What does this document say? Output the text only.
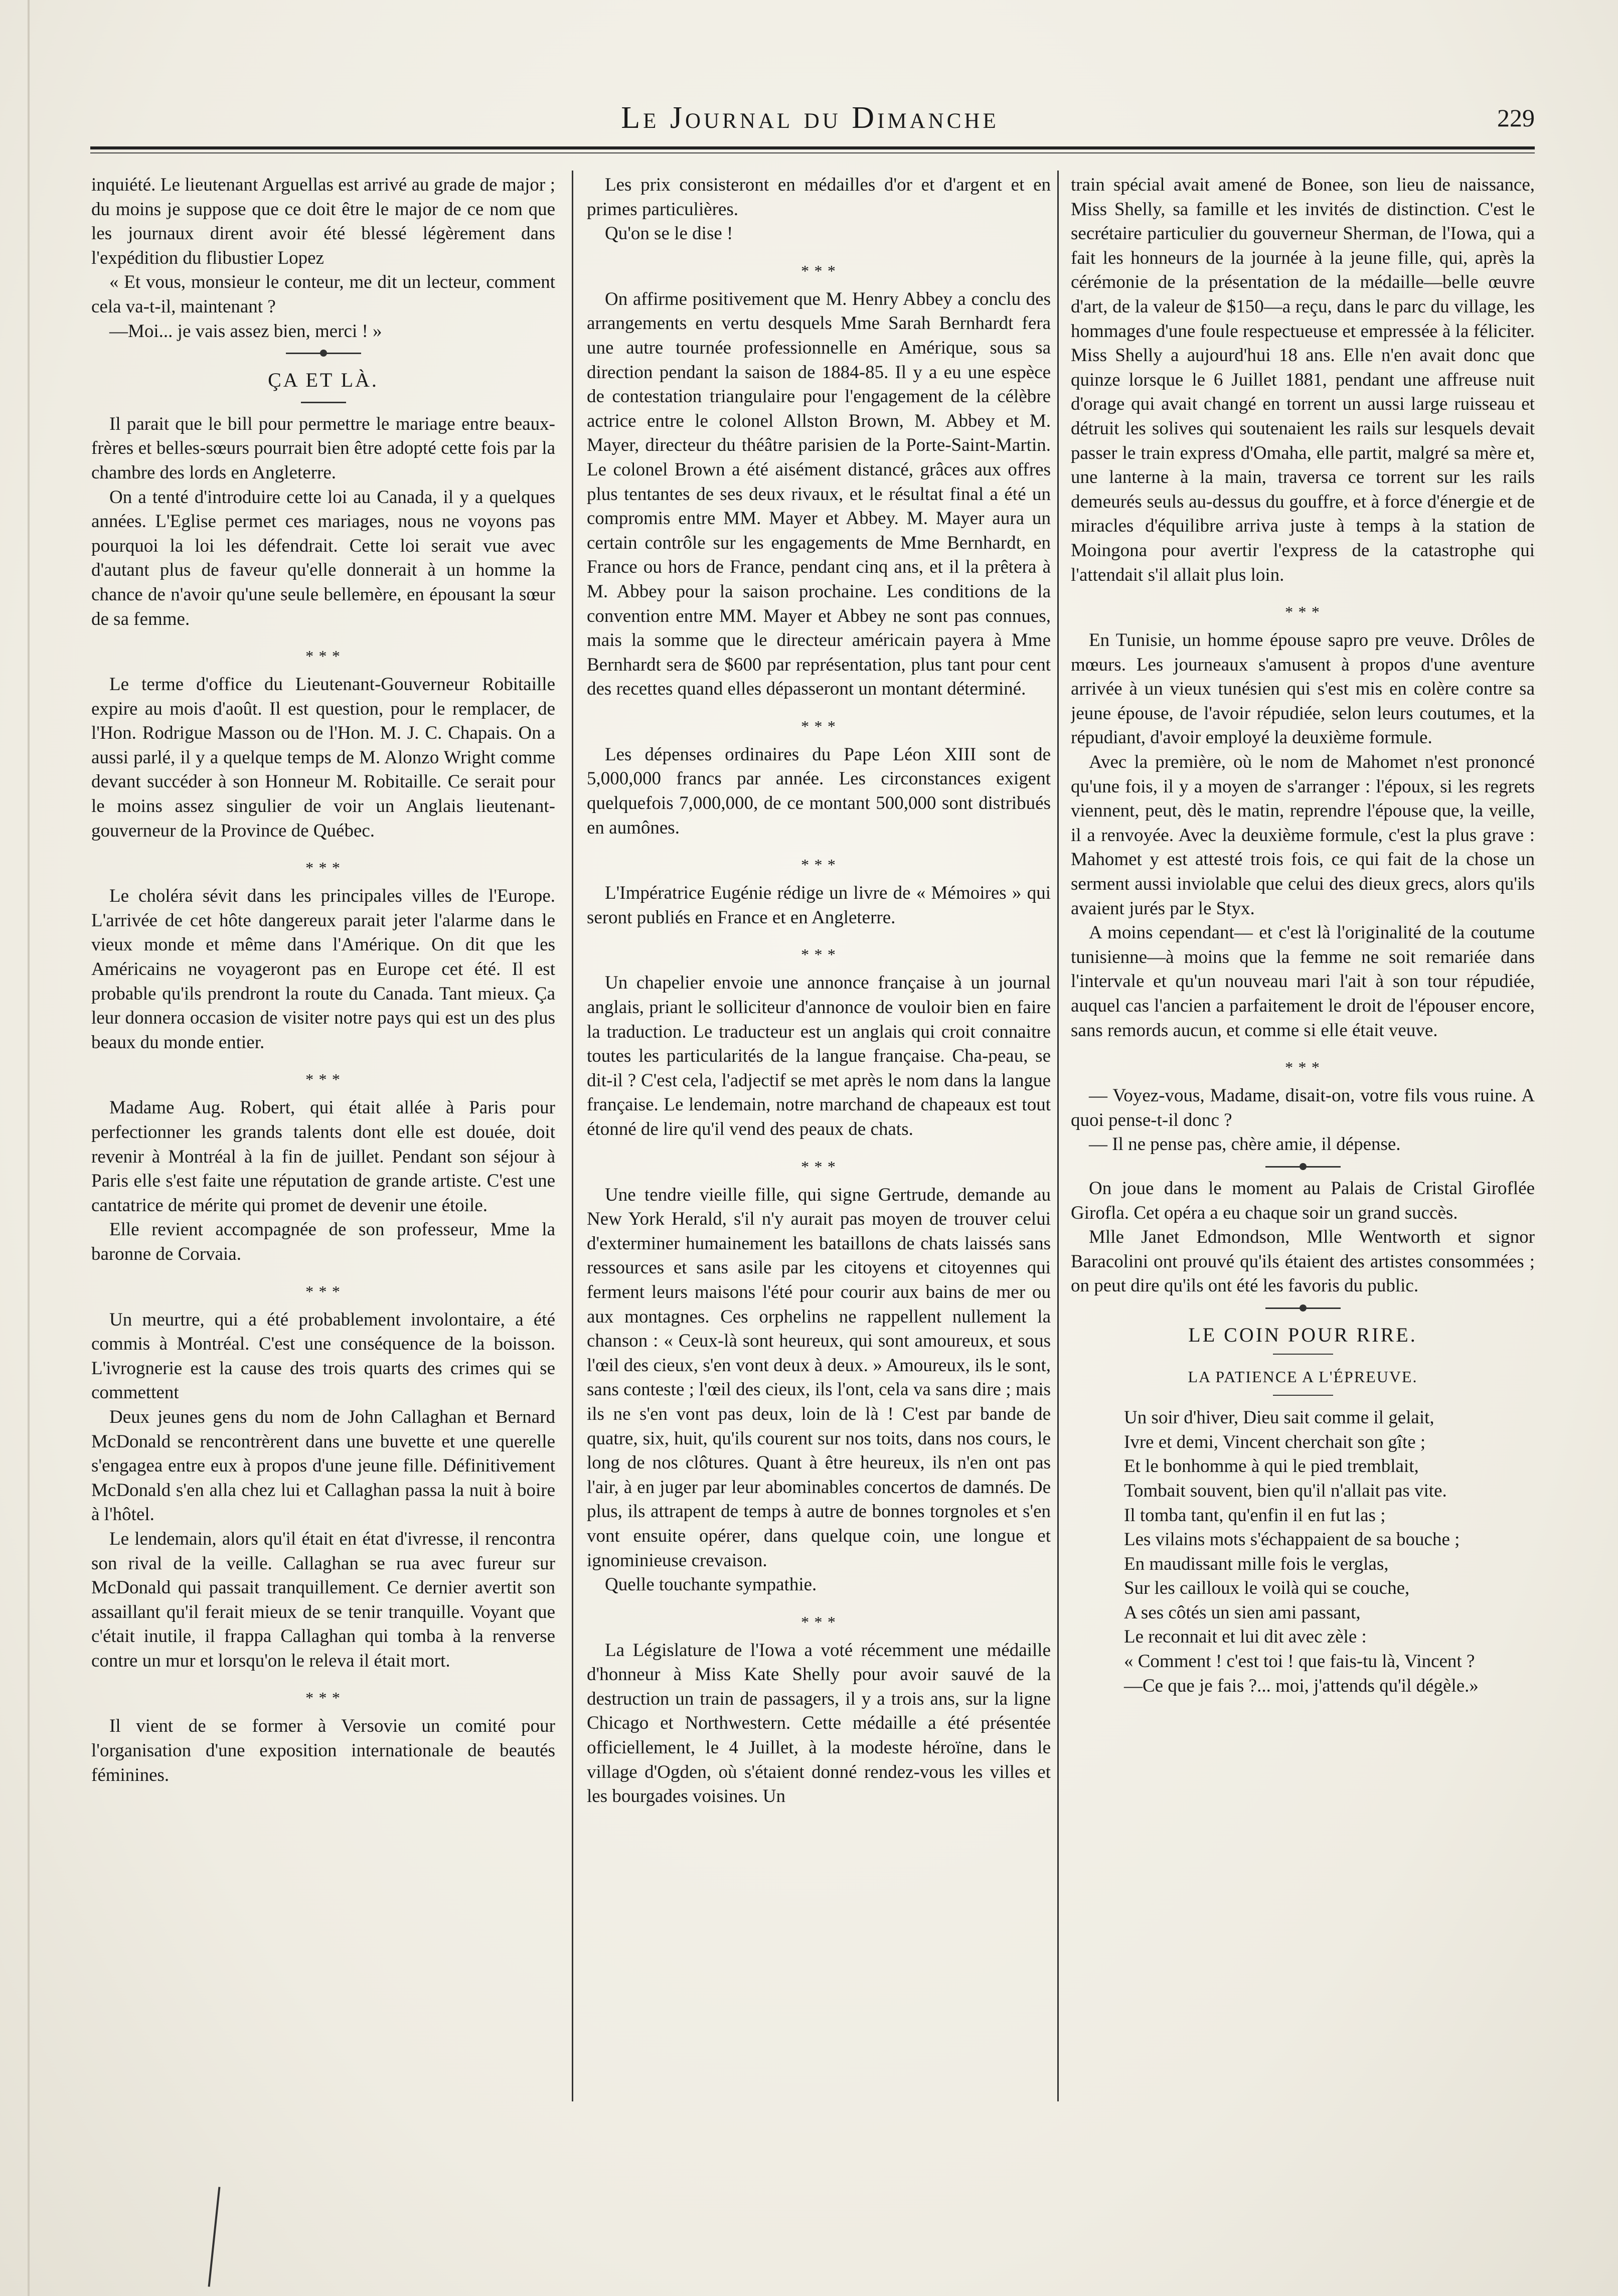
Le Journal du Dimanche	229

inquiété. Le lieutenant Arguellas est arrivé au grade de major ; du moins je suppose que ce doit être le major de ce nom que les journaux dirent avoir été blessé légèrement dans l'expédition du flibustier Lopez

« Et vous, monsieur le conteur, me dit un lecteur, comment cela va-t-il, maintenant ?

—Moi... je vais assez bien, merci ! »

ÇA ET LÀ.

Il parait que le bill pour permettre le mariage entre beaux-frères et belles-sœurs pourrait bien être adopté cette fois par la chambre des lords en Angleterre.

On a tenté d'introduire cette loi au Canada, il y a quelques années. L'Eglise permet ces mariages, nous ne voyons pas pourquoi la loi les défendrait. Cette loi serait vue avec d'autant plus de faveur qu'elle donnerait à un homme la chance de n'avoir qu'une seule bellemère, en épousant la sœur de sa femme.

* * *

Le terme d'office du Lieutenant-Gouverneur Robitaille expire au mois d'août. Il est question, pour le remplacer, de l'Hon. Rodrigue Masson ou de l'Hon. M. J. C. Chapais. On a aussi parlé, il y a quelque temps de M. Alonzo Wright comme devant succéder à son Honneur M. Robitaille. Ce serait pour le moins assez singulier de voir un Anglais lieutenant-gouverneur de la Province de Québec.

* * *

Le choléra sévit dans les principales villes de l'Europe. L'arrivée de cet hôte dangereux parait jeter l'alarme dans le vieux monde et même dans l'Amérique. On dit que les Américains ne voyageront pas en Europe cet été. Il est probable qu'ils prendront la route du Canada. Tant mieux. Ça leur donnera occasion de visiter notre pays qui est un des plus beaux du monde entier.

* * *

Madame Aug. Robert, qui était allée à Paris pour perfectionner les grands talents dont elle est douée, doit revenir à Montréal à la fin de juillet. Pendant son séjour à Paris elle s'est faite une réputation de grande artiste. C'est une cantatrice de mérite qui promet de devenir une étoile.

Elle revient accompagnée de son professeur, Mme la baronne de Corvaia.

* * *

Un meurtre, qui a été probablement involontaire, a été commis à Montréal. C'est une conséquence de la boisson. L'ivrognerie est la cause des trois quarts des crimes qui se commettent

Deux jeunes gens du nom de John Callaghan et Bernard McDonald se rencontrèrent dans une buvette et une querelle s'engagea entre eux à propos d'une jeune fille. Définitivement McDonald s'en alla chez lui et Callaghan passa la nuit à boire à l'hôtel.

Le lendemain, alors qu'il était en état d'ivresse, il rencontra son rival de la veille. Callaghan se rua avec fureur sur McDonald qui passait tranquillement. Ce dernier avertit son assaillant qu'il ferait mieux de se tenir tranquille. Voyant que c'était inutile, il frappa Callaghan qui tomba à la renverse contre un mur et lorsqu'on le releva il était mort.

* * *

Il vient de se former à Versovie un comité pour l'organisation d'une exposition internationale de beautés féminines.

Les prix consisteront en médailles d'or et d'argent et en primes particulières.

Qu'on se le dise !

* * *

On affirme positivement que M. Henry Abbey a conclu des arrangements en vertu desquels Mme Sarah Bernhardt fera une autre tournée professionnelle en Amérique, sous sa direction pendant la saison de 1884-85. Il y a eu une espèce de contestation triangulaire pour l'engagement de la célèbre actrice entre le colonel Allston Brown, M. Abbey et M. Mayer, directeur du théâtre parisien de la Porte-Saint-Martin. Le colonel Brown a été aisément distancé, grâces aux offres plus tentantes de ses deux rivaux, et le résultat final a été un compromis entre MM. Mayer et Abbey. M. Mayer aura un certain contrôle sur les engagements de Mme Bernhardt, en France ou hors de France, pendant cinq ans, et il la prêtera à M. Abbey pour la saison prochaine. Les conditions de la convention entre MM. Mayer et Abbey ne sont pas connues, mais la somme que le directeur américain payera à Mme Bernhardt sera de $600 par représentation, plus tant pour cent des recettes quand elles dépasseront un montant déterminé.

* * *

Les dépenses ordinaires du Pape Léon XIII sont de 5,000,000 francs par année. Les circonstances exigent quelquefois 7,000,000, de ce montant 500,000 sont distribués en aumônes.

* * *

L'Impératrice Eugénie rédige un livre de « Mémoires » qui seront publiés en France et en Angleterre.

* * *

Un chapelier envoie une annonce française à un journal anglais, priant le solliciteur d'annonce de vouloir bien en faire la traduction. Le traducteur est un anglais qui croit connaitre toutes les particularités de la langue française. Cha-peau, se dit-il ? C'est cela, l'adjectif se met après le nom dans la langue française. Le lendemain, notre marchand de chapeaux est tout étonné de lire qu'il vend des peaux de chats.

* * *

Une tendre vieille fille, qui signe Gertrude, demande au New York Herald, s'il n'y aurait pas moyen de trouver celui d'exterminer humainement les bataillons de chats laissés sans ressources et sans asile par les citoyens et citoyennes qui ferment leurs maisons l'été pour courir aux bains de mer ou aux montagnes. Ces orphelins ne rappellent nullement la chanson : « Ceux-là sont heureux, qui sont amoureux, et sous l'œil des cieux, s'en vont deux à deux. » Amoureux, ils le sont, sans conteste ; l'œil des cieux, ils l'ont, cela va sans dire ; mais ils ne s'en vont pas deux, loin de là ! C'est par bande de quatre, six, huit, qu'ils courent sur nos toits, dans nos cours, le long de nos clôtures. Quant à être heureux, ils n'en ont pas l'air, à en juger par leur abominables concertos de damnés. De plus, ils attrapent de temps à autre de bonnes torgnoles et s'en vont ensuite opérer, dans quelque coin, une longue et ignominieuse crevaison.

Quelle touchante sympathie.

* * *

La Législature de l'Iowa a voté récemment une médaille d'honneur à Miss Kate Shelly pour avoir sauvé de la destruction un train de passagers, il y a trois ans, sur la ligne Chicago et Northwestern. Cette médaille a été présentée officiellement, le 4 Juillet, à la modeste héroïne, dans le village d'Ogden, où s'étaient donné rendez-vous les villes et les bourgades voisines. Un

train spécial avait amené de Bonee, son lieu de naissance, Miss Shelly, sa famille et les invités de distinction. C'est le secrétaire particulier du gouverneur Sherman, de l'Iowa, qui a fait les honneurs de la journée à la jeune fille, qui, après la cérémonie de la présentation de la médaille—belle œuvre d'art, de la valeur de $150—a reçu, dans le parc du village, les hommages d'une foule respectueuse et empressée à la féliciter. Miss Shelly a aujourd'hui 18 ans. Elle n'en avait donc que quinze lorsque le 6 Juillet 1881, pendant une affreuse nuit d'orage qui avait changé en torrent un aussi large ruisseau et détruit les solives qui soutenaient les rails sur lesquels devait passer le train express d'Omaha, elle partit, malgré sa mère et, une lanterne à la main, traversa ce torrent sur les rails demeurés seuls au-dessus du gouffre, et à force d'énergie et de miracles d'équilibre arriva juste à temps à la station de Moingona pour avertir l'express de la catastrophe qui l'attendait s'il allait plus loin.

* * *

En Tunisie, un homme épouse sapro pre veuve. Drôles de mœurs. Les journeaux s'amusent à propos d'une aventure arrivée à un vieux tunésien qui s'est mis en colère contre sa jeune épouse, de l'avoir répudiée, selon leurs coutumes, et la répudiant, d'avoir employé la deuxième formule.

Avec la première, où le nom de Mahomet n'est prononcé qu'une fois, il y a moyen de s'arranger : l'époux, si les regrets viennent, peut, dès le matin, reprendre l'épouse que, la veille, il a renvoyée. Avec la deuxième formule, c'est la plus grave : Mahomet y est attesté trois fois, ce qui fait de la chose un serment aussi inviolable que celui des dieux grecs, alors qu'ils avaient jurés par le Styx.

A moins cependant— et c'est là l'originalité de la coutume tunisienne—à moins que la femme ne soit remariée dans l'intervale et qu'un nouveau mari l'ait à son tour répudiée, auquel cas l'ancien a parfaitement le droit de l'épouser encore, sans remords aucun, et comme si elle était veuve.

* * *

— Voyez-vous, Madame, disait-on, votre fils vous ruine. A quoi pense-t-il donc ?

— Il ne pense pas, chère amie, il dépense.

On joue dans le moment au Palais de Cristal Giroflée Girofla. Cet opéra a eu chaque soir un grand succès.

Mlle Janet Edmondson, Mlle Wentworth et signor Baracolini ont prouvé qu'ils étaient des artistes consommées ; on peut dire qu'ils ont été les favoris du public.

LE COIN POUR RIRE.
LA PATIENCE A L'ÉPREUVE.

Un soir d'hiver, Dieu sait comme il gelait,

Ivre et demi, Vincent cherchait son gîte ;

Et le bonhomme à qui le pied tremblait,

Tombait souvent, bien qu'il n'allait pas vite.

Il tomba tant, qu'enfin il en fut las ;

Les vilains mots s'échappaient de sa bouche ;

En maudissant mille fois le verglas,

Sur les cailloux le voilà qui se couche,

A ses côtés un sien ami passant,

Le reconnait et lui dit avec zèle :

« Comment ! c'est toi ! que fais-tu là, Vincent ?

—Ce que je fais ?... moi, j'attends qu'il dégèle.»
